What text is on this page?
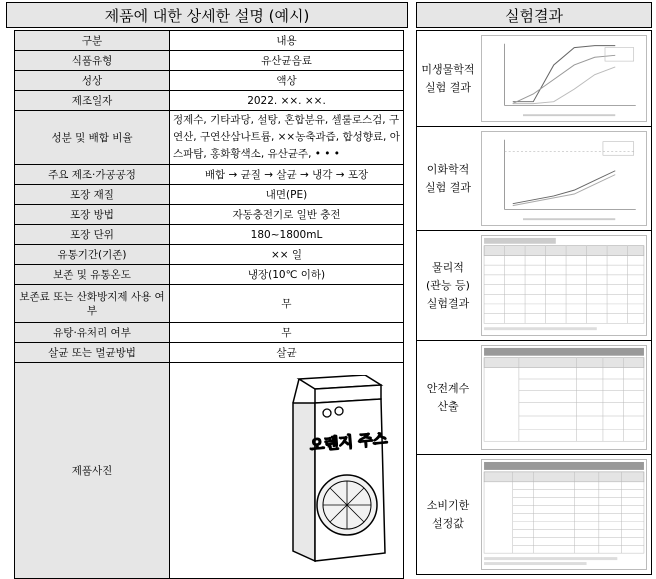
제품에 대한 상세한 설명 (예시)	실험결과
구분	내용
식품유형	유산균음료
성상	액상
제조일자	2022. ××. ××.
성분 및 배합 비율	정제수, 기타과당, 설탕, 혼합분유, 셀룰로스검, 구연산, 구연산삼나트륨, ××농축과즙, 합성향료, 아스파탐, 홍화황색소, 유산균주, • • •
주요 제조·가공공정	배합 → 균질 → 살균 → 냉각 → 포장
포장 재질	내면(PE)
포장 방법	자동충전기로 일반 충전
포장 단위	180~1800mL
유통기간(기존)	×× 일
보존 및 유통온도	냉장(10℃ 이하)
보존료 또는 산화방지제 사용 여부	무
유탕·유처리 여부	무
살균 또는 멸균방법	살균
제품사진	오렌지 주스
미생물학적
실험 결과
이화학적
실험 결과
물리적
(관능 등)
실험결과
안전계수
산출
소비기한
설정값
